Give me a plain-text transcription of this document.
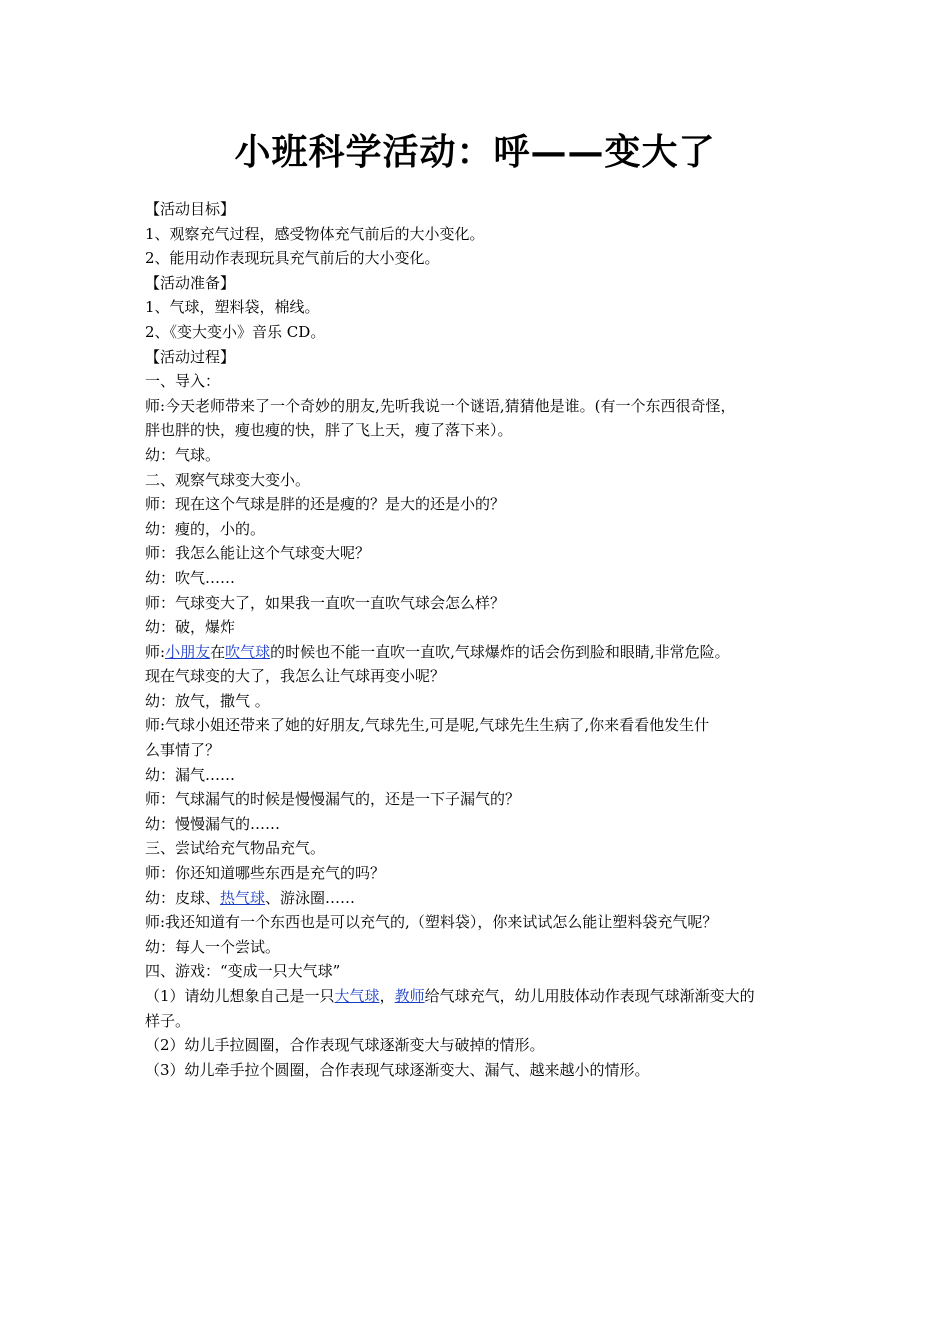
小班科学活动：呼——变大了
【活动目标】
1、观察充气过程，感受物体充气前后的大小变化。
2、能用动作表现玩具充气前后的大小变化。
【活动准备】
1、气球，塑料袋，棉线。
2、《变大变小》音乐 CD。
【活动过程】
一、导入：
师:今天老师带来了一个奇妙的朋友,先听我说一个谜语,猜猜他是谁。(有一个东西很奇怪，
胖也胖的快，瘦也瘦的快，胖了飞上天，瘦了落下来）。
幼：气球。
二、观察气球变大变小。
师：现在这个气球是胖的还是瘦的？是大的还是小的？
幼：瘦的，小的。
师：我怎么能让这个气球变大呢？
幼：吹气……
师：气球变大了，如果我一直吹一直吹气球会怎么样？
幼：破，爆炸
师:小朋友在吹气球的时候也不能一直吹一直吹,气球爆炸的话会伤到脸和眼睛,非常危险。
现在气球变的大了，我怎么让气球再变小呢？
幼：放气，撒气 。
师:气球小姐还带来了她的好朋友,气球先生,可是呢,气球先生生病了,你来看看他发生什
么事情了？
幼：漏气……
师：气球漏气的时候是慢慢漏气的，还是一下子漏气的？
幼：慢慢漏气的……
三、尝试给充气物品充气。
师：你还知道哪些东西是充气的吗？
幼：皮球、热气球、游泳圈……
师:我还知道有一个东西也是可以充气的,（塑料袋），你来试试怎么能让塑料袋充气呢？
幼：每人一个尝试。
四、游戏：“变成一只大气球”
（1）请幼儿想象自己是一只大气球，教师给气球充气，幼儿用肢体动作表现气球渐渐变大的
样子。
（2）幼儿手拉圆圈，合作表现气球逐渐变大与破掉的情形。
（3）幼儿牵手拉个圆圈，合作表现气球逐渐变大、漏气、越来越小的情形。
